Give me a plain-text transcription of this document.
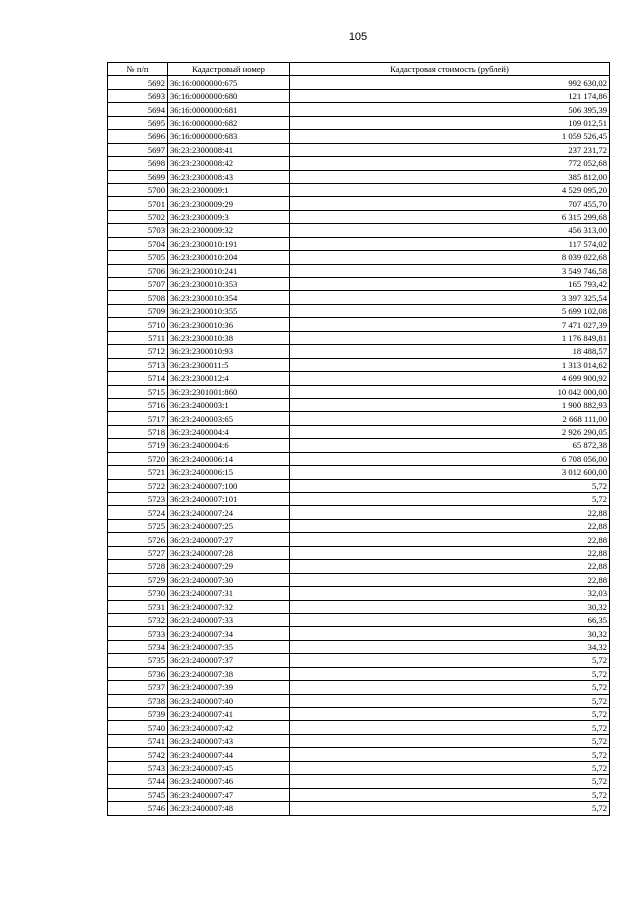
105
№ п/п	Кадастровый номер	Кадастровая стоимость (рублей)
5692	36:16:0000000:675	992 630,02
5693	36:16:0000000:680	121 174,86
5694	36:16:0000000:681	506 395,39
5695	36:16:0000000:682	109 012,51
5696	36:16:0000000:683	1 059 526,45
5697	36:23:2300008:41	237 231,72
5698	36:23:2300008:42	772 052,68
5699	36:23:2300008:43	385 812,00
5700	36:23:2300009:1	4 529 095,20
5701	36:23:2300009:29	707 455,70
5702	36:23:2300009:3	6 315 299,68
5703	36:23:2300009:32	456 313,00
5704	36:23:2300010:191	117 574,02
5705	36:23:2300010:204	8 039 022,68
5706	36:23:2300010:241	3 549 746,58
5707	36:23:2300010:353	165 793,42
5708	36:23:2300010:354	3 397 325,54
5709	36:23:2300010:355	5 699 102,08
5710	36:23:2300010:36	7 471 027,39
5711	36:23:2300010:38	1 176 849,81
5712	36:23:2300010:93	18 488,57
5713	36:23:2300011:5	1 313 014,62
5714	36:23:2300012:4	4 699 900,92
5715	36:23:2301001:860	10 042 000,00
5716	36:23:2400003:1	1 900 882,93
5717	36:23:2400003:65	2 668 111,00
5718	36:23:2400004:4	2 926 290,05
5719	36:23:2400004:6	65 872,38
5720	36:23:2400006:14	6 708 056,00
5721	36:23:2400006:15	3 012 600,00
5722	36:23:2400007:100	5,72
5723	36:23:2400007:101	5,72
5724	36:23:2400007:24	22,88
5725	36:23:2400007:25	22,88
5726	36:23:2400007:27	22,88
5727	36:23:2400007:28	22,88
5728	36:23:2400007:29	22,88
5729	36:23:2400007:30	22,88
5730	36:23:2400007:31	32,03
5731	36:23:2400007:32	30,32
5732	36:23:2400007:33	66,35
5733	36:23:2400007:34	30,32
5734	36:23:2400007:35	34,32
5735	36:23:2400007:37	5,72
5736	36:23:2400007:38	5,72
5737	36:23:2400007:39	5,72
5738	36:23:2400007:40	5,72
5739	36:23:2400007:41	5,72
5740	36:23:2400007:42	5,72
5741	36:23:2400007:43	5,72
5742	36:23:2400007:44	5,72
5743	36:23:2400007:45	5,72
5744	36:23:2400007:46	5,72
5745	36:23:2400007:47	5,72
5746	36:23:2400007:48	5,72
